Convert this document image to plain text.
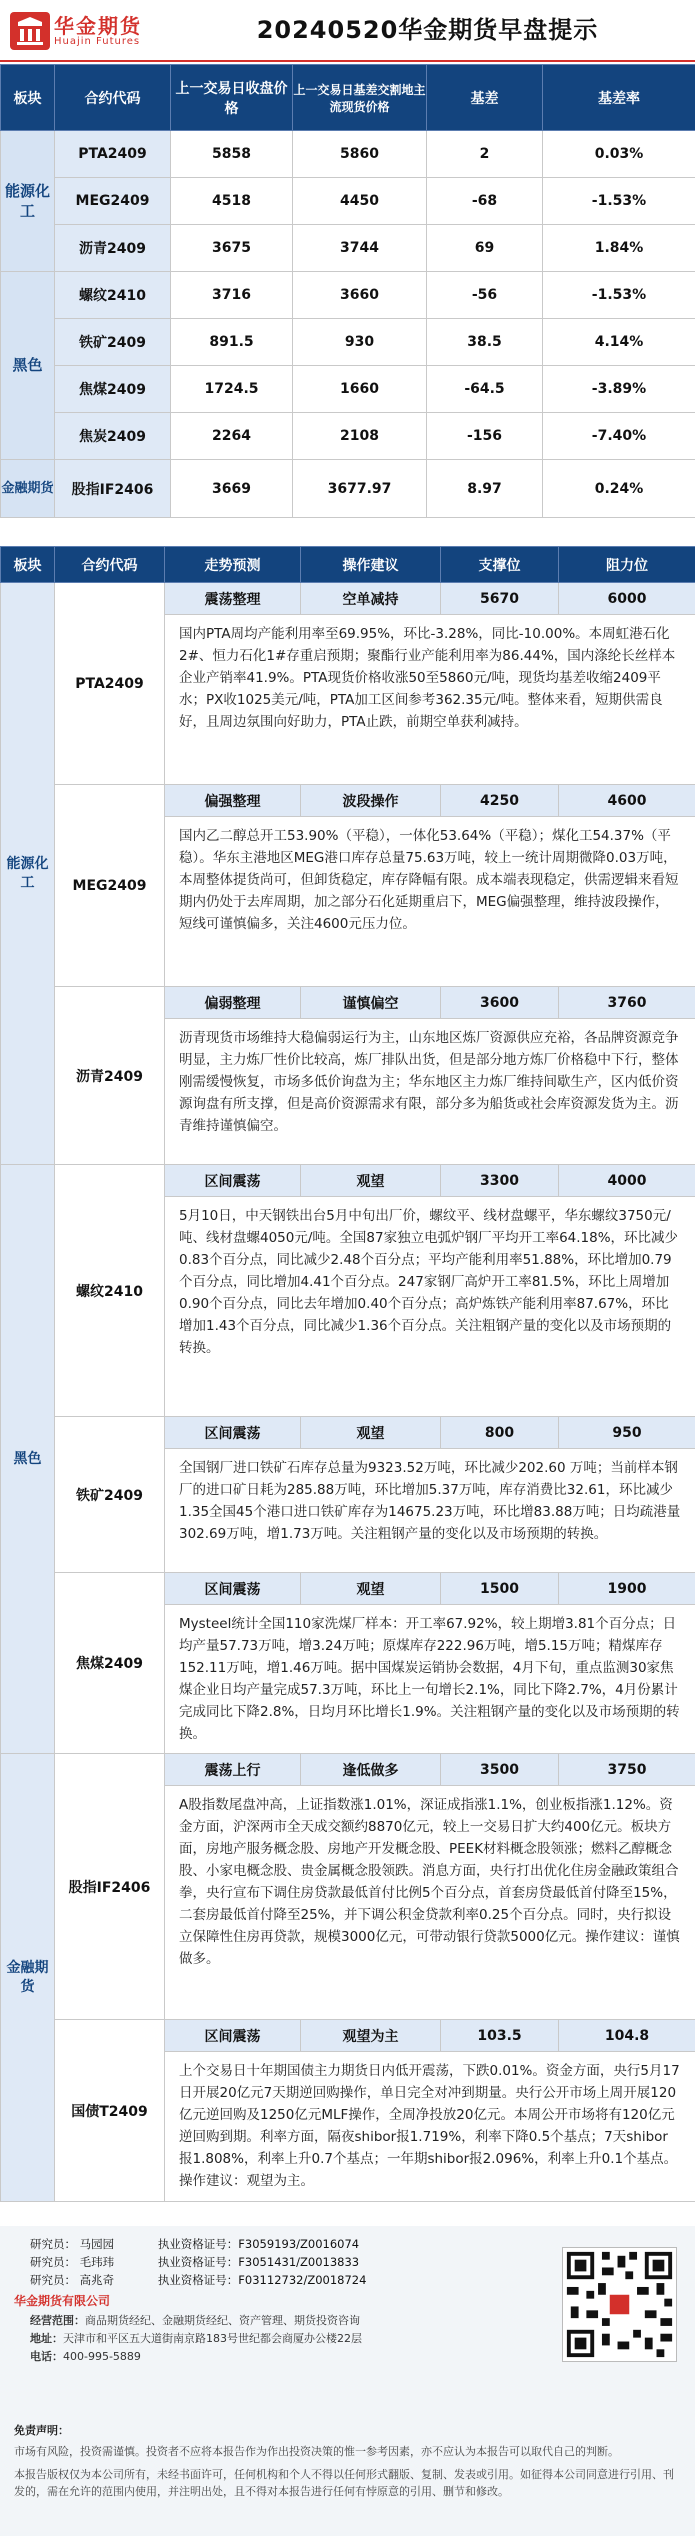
华金期货
Huajin Futures	20240520华金期货早盘提示
板块	合约代码	上一交易日收盘价格	上一交易日基差交割地主流现货价格	基差	基差率
能源化工	PTA2409	5858	5860	2	0.03%
	MEG2409	4518	4450	-68	-1.53%
	沥青2409	3675	3744	69	1.84%
黑色	螺纹2410	3716	3660	-56	-1.53%
	铁矿2409	891.5	930	38.5	4.14%
	焦煤2409	1724.5	1660	-64.5	-3.89%
	焦炭2409	2264	2108	-156	-7.40%
金融期货	股指IF2406	3669	3677.97	8.97	0.24%
板块	合约代码	走势预测	操作建议	支撑位	阻力位
能源化工	PTA2409	震荡整理	空单减持	5670	6000
		国内PTA周均产能利用率至69.95%，环比-3.28%，同比-10.00%。本周虹港石化2#、恒力石化1#存重启预期；聚酯行业产能利用率为86.44%，国内涤纶长丝样本企业产销率41.9%。PTA现货价格收涨50至5860元/吨，现货均基差收缩2409平水；PX收1025美元/吨，PTA加工区间参考362.35元/吨。整体来看，短期供需良好，且周边氛围向好助力，PTA止跌，前期空单获利减持。			
	MEG2409	偏强整理	波段操作	4250	4600
		国内乙二醇总开工53.90%（平稳），一体化53.64%（平稳）；煤化工54.37%（平稳）。华东主港地区MEG港口库存总量75.63万吨，较上一统计周期微降0.03万吨，本周整体提货尚可，但卸货稳定，库存降幅有限。成本端表现稳定，供需逻辑来看短期内仍处于去库周期，加之部分石化延期重启下，MEG偏强整理，维持波段操作，短线可谨慎偏多，关注4600元压力位。			
	沥青2409	偏弱整理	谨慎偏空	3600	3760
		沥青现货市场维持大稳偏弱运行为主，山东地区炼厂资源供应充裕，各品牌资源竞争明显，主力炼厂性价比较高，炼厂排队出货，但是部分地方炼厂价格稳中下行，整体刚需缓慢恢复，市场多低价询盘为主；华东地区主力炼厂维持间歇生产，区内低价资源询盘有所支撑，但是高价资源需求有限，部分多为船货或社会库资源发货为主。沥青维持谨慎偏空。			
黑色	螺纹2410	区间震荡	观望	3300	4000
		5月10日，中天钢铁出台5月中旬出厂价，螺纹平、线材盘螺平，华东螺纹3750元/吨、线材盘螺4050元/吨。全国87家独立电弧炉钢厂平均开工率64.18%，环比减少0.83个百分点，同比减少2.48个百分点；平均产能利用率51.88%，环比增加0.79个百分点，同比增加4.41个百分点。247家钢厂高炉开工率81.5%，环比上周增加0.90个百分点，同比去年增加0.40个百分点；高炉炼铁产能利用率87.67%，环比增加1.43个百分点，同比减少1.36个百分点。关注粗钢产量的变化以及市场预期的转换。			
	铁矿2409	区间震荡	观望	800	950
		全国钢厂进口铁矿石库存总量为9323.52万吨，环比减少202.60 万吨；当前样本钢厂的进口矿日耗为285.88万吨，环比增加5.37万吨，库存消费比32.61，环比减少1.35全国45个港口进口铁矿库存为14675.23万吨，环比增83.88万吨；日均疏港量302.69万吨，增1.73万吨。关注粗钢产量的变化以及市场预期的转换。			
	焦煤2409	区间震荡	观望	1500	1900
		Mysteel统计全国110家洗煤厂样本：开工率67.92%，较上期增3.81个百分点；日均产量57.73万吨，增3.24万吨；原煤库存222.96万吨，增5.15万吨；精煤库存152.11万吨，增1.46万吨。据中国煤炭运销协会数据，4月下旬，重点监测30家焦煤企业日均产量完成57.3万吨，环比上一旬增长2.1%，同比下降2.7%，4月份累计完成同比下降2.8%，日均月环比增长1.9%。关注粗钢产量的变化以及市场预期的转换。			
金融期货	股指IF2406	震荡上行	逢低做多	3500	3750
		A股指数尾盘冲高，上证指数涨1.01%，深证成指涨1.1%，创业板指涨1.12%。资金方面，沪深两市全天成交额约8870亿元，较上一交易日扩大约400亿元。板块方面，房地产服务概念股、房地产开发概念股、PEEK材料概念股领涨；燃料乙醇概念股、小家电概念股、贵金属概念股领跌。消息方面，央行打出优化住房金融政策组合拳，央行宣布下调住房贷款最低首付比例5个百分点，首套房贷最低首付降至15%，二套房最低首付降至25%，并下调公积金贷款利率0.25个百分点。同时，央行拟设立保障性住房再贷款，规模3000亿元，可带动银行贷款5000亿元。操作建议：谨慎做多。			
	国债T2409	区间震荡	观望为主	103.5	104.8
		上个交易日十年期国债主力期货日内低开震荡，下跌0.01%。资金方面，央行5月17日开展20亿元7天期逆回购操作，单日完全对冲到期量。央行公开市场上周开展120亿元逆回购及1250亿元MLF操作，全周净投放20亿元。本周公开市场将有120亿元逆回购到期。利率方面，隔夜shibor报1.719%，利率下降0.5个基点；7天shibor报1.808%，利率上升0.7个基点；一年期shibor报2.096%，利率上升0.1个基点。操作建议：观望为主。			
研究员： 马园园	执业资格证号：F3059193/Z0016074
研究员： 毛玮玮	执业资格证号：F3051431/Z0013833
研究员： 高兆奇	执业资格证号：F03112732/Z0018724
华金期货有限公司
经营范围：商品期货经纪、金融期货经纪、资产管理、期货投资咨询
地址：天津市和平区五大道街南京路183号世纪都会商厦办公楼22层
电话：400-995-5889
免责声明：
市场有风险，投资需谨慎。投资者不应将本报告作为作出投资决策的惟一参考因素，亦不应认为本报告可以取代自己的判断。
本报告版权仅为本公司所有，未经书面许可，任何机构和个人不得以任何形式翻版、复制、发表或引用。如征得本公司同意进行引用、刊发的，需在允许的范围内使用，并注明出处，且不得对本报告进行任何有悖原意的引用、删节和修改。
